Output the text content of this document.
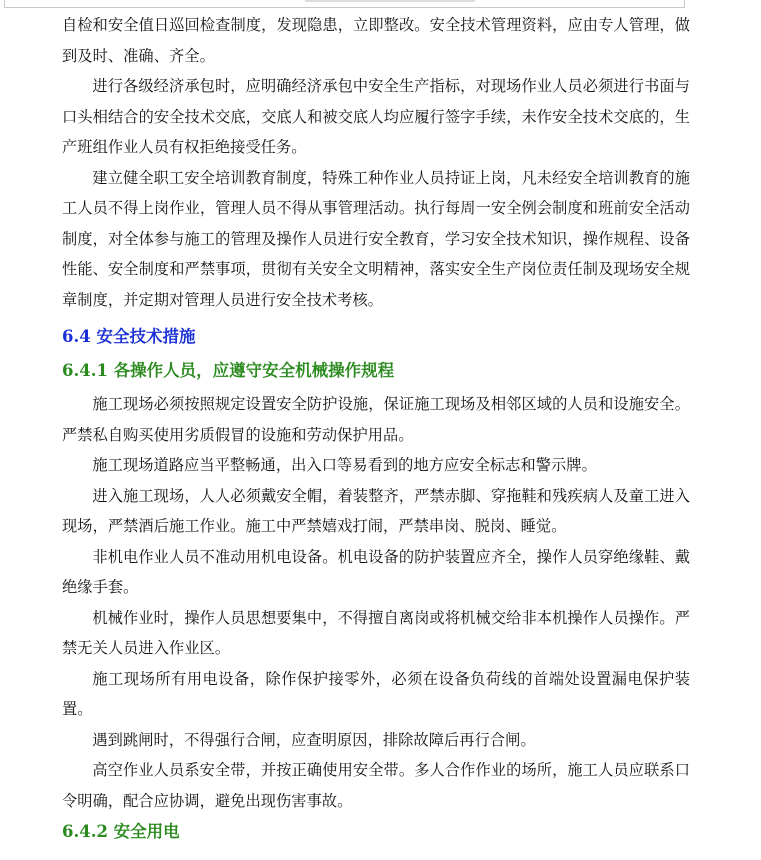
自检和安全值日巡回检查制度，发现隐患，立即整改。安全技术管理资料，应由专人管理，做到及时、准确、齐全。

进行各级经济承包时，应明确经济承包中安全生产指标，对现场作业人员必须进行书面与口头相结合的安全技术交底，交底人和被交底人均应履行签字手续，未作安全技术交底的，生产班组作业人员有权拒绝接受任务。

建立健全职工安全培训教育制度，特殊工种作业人员持证上岗，凡未经安全培训教育的施工人员不得上岗作业，管理人员不得从事管理活动。执行每周一安全例会制度和班前安全活动制度，对全体参与施工的管理及操作人员进行安全教育，学习安全技术知识，操作规程、设备性能、安全制度和严禁事项，贯彻有关安全文明精神，落实安全生产岗位责任制及现场安全规章制度，并定期对管理人员进行安全技术考核。

6.4 安全技术措施
6.4.1 各操作人员，应遵守安全机械操作规程

施工现场必须按照规定设置安全防护设施，保证施工现场及相邻区域的人员和设施安全。严禁私自购买使用劣质假冒的设施和劳动保护用品。

施工现场道路应当平整畅通，出入口等易看到的地方应安全标志和警示牌。

进入施工现场，人人必须戴安全帽，着装整齐，严禁赤脚、穿拖鞋和残疾病人及童工进入现场，严禁酒后施工作业。施工中严禁嬉戏打闹，严禁串岗、脱岗、睡觉。

非机电作业人员不准动用机电设备。机电设备的防护装置应齐全，操作人员穿绝缘鞋、戴绝缘手套。

机械作业时，操作人员思想要集中，不得擅自离岗或将机械交给非本机操作人员操作。严禁无关人员进入作业区。

施工现场所有用电设备，除作保护接零外，必须在设备负荷线的首端处设置漏电保护装置。

遇到跳闸时，不得强行合闸，应查明原因，排除故障后再行合闸。

高空作业人员系安全带，并按正确使用安全带。多人合作作业的场所，施工人员应联系口令明确，配合应协调，避免出现伤害事故。

6.4.2 安全用电
